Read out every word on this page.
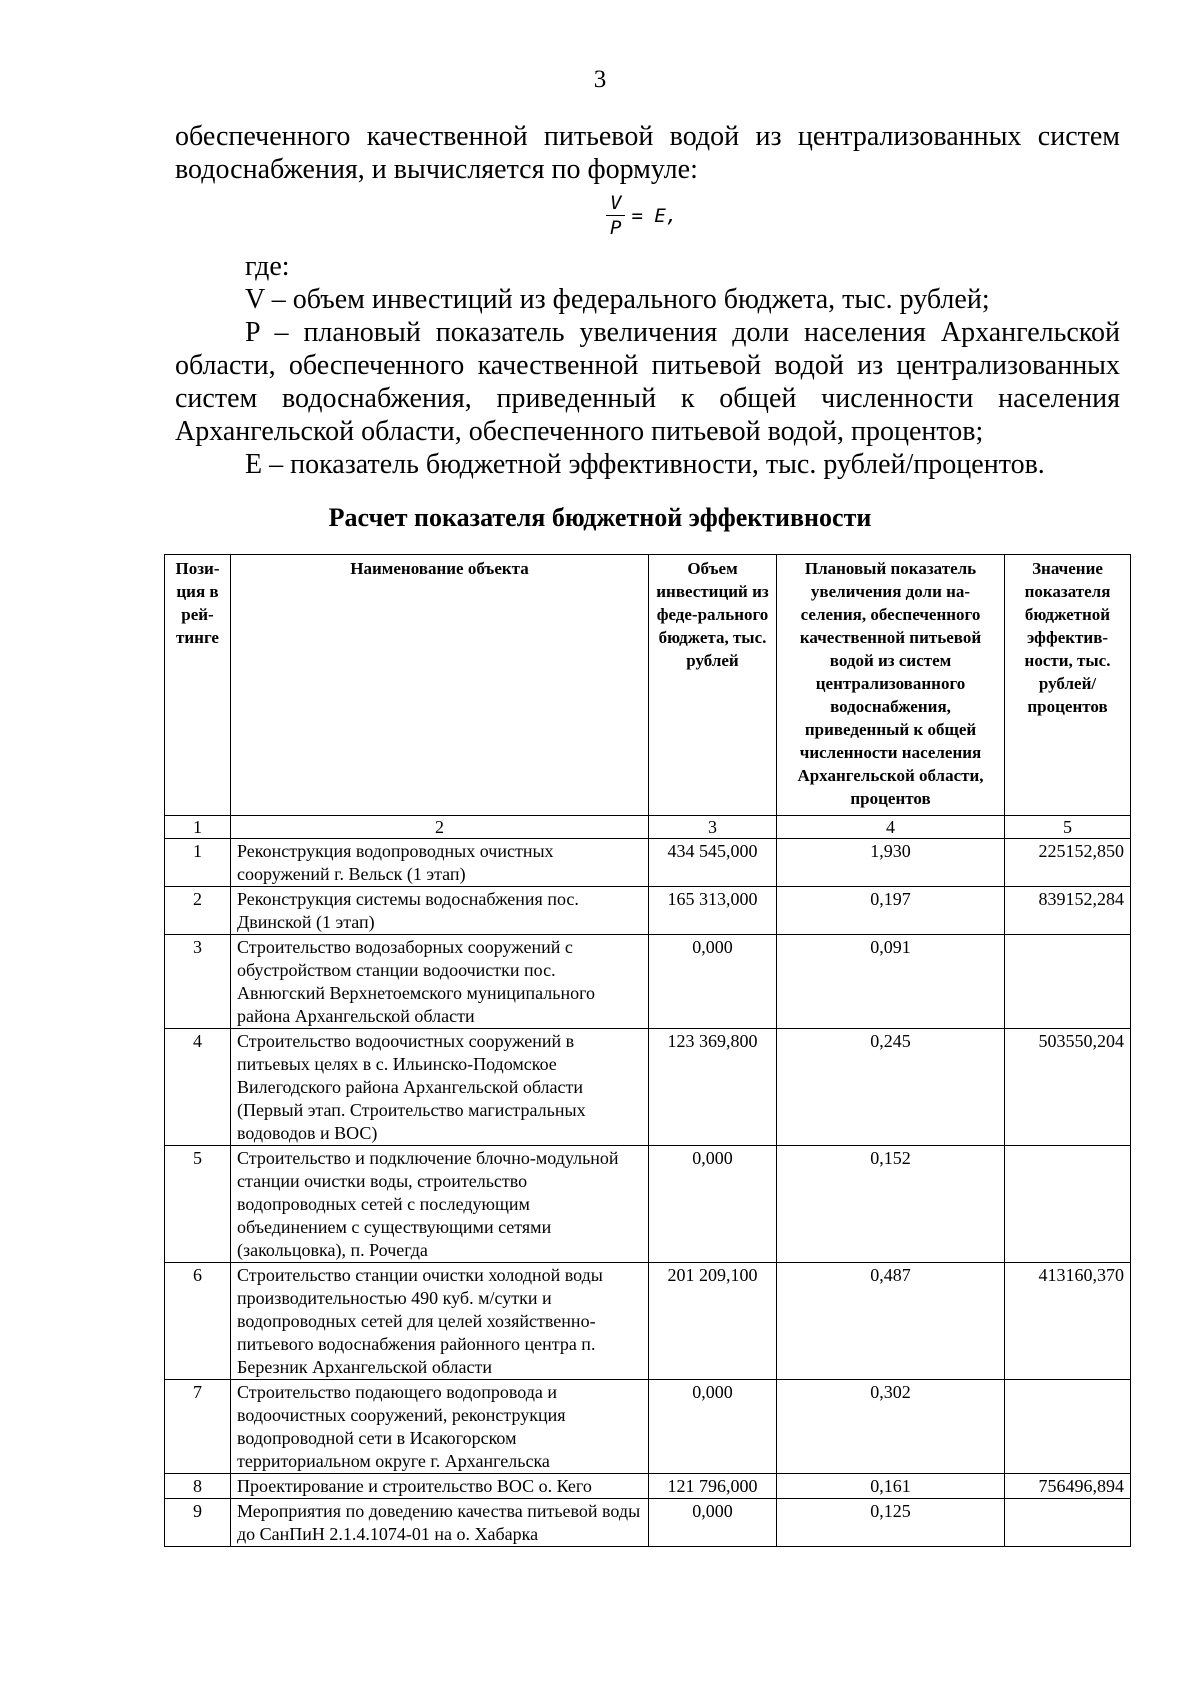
3
обеспеченного качественной питьевой водой из централизованных систем
водоснабжения, и вычисляется по формуле:
$\frac{V}{P} = E$,
где:
V – объем инвестиций из федерального бюджета, тыс. рублей;
P – плановый показатель увеличения доли населения Архангельской области, обеспеченного качественной питьевой водой из централизованных систем водоснабжения, приведенный к общей численности населения Архангельской области, обеспеченного питьевой водой, процентов;
E – показатель бюджетной эффективности, тыс. рублей/процентов.
Расчет показателя бюджетной эффективности
Пози-ция в рей-тинге	Наименование объекта	Объем инвестиций из феде-рального бюджета, тыс. рублей	Плановый показатель увеличения доли на-селения, обеспеченного качественной питьевой водой из систем централизованного водоснабжения, приведенный к общей численности населения Архангельской области, процентов	Значение показателя бюджетной эффектив-ности, тыс. рублей/ процентов
1	2	3	4	5
1	Реконструкция водопроводных очистных сооружений г. Вельск (1 этап)	434 545,000	1,930	225152,850
2	Реконструкция системы водоснабжения пос. Двинской (1 этап)	165 313,000	0,197	839152,284
3	Строительство водозаборных сооружений с обустройством станции водоочистки пос. Авнюгский Верхнетоемского муниципального района Архангельской области	0,000	0,091	
4	Строительство водоочистных сооружений в питьевых целях в с. Ильинско-Подомское Вилегодского района Архангельской области (Первый этап. Строительство магистральных водоводов и ВОС)	123 369,800	0,245	503550,204
5	Строительство и подключение блочно-модульной станции очистки воды, строительство водопроводных сетей с последующим объединением с существующими сетями (закольцовка), п. Рочегда	0,000	0,152	
6	Строительство станции очистки холодной воды производительностью 490 куб. м/сутки и водопроводных сетей для целей хозяйственно-питьевого водоснабжения районного центра п. Березник Архангельской области	201 209,100	0,487	413160,370
7	Строительство подающего водопровода и водоочистных сооружений, реконструкция водопроводной сети в Исакогорском территориальном округе г. Архангельска	0,000	0,302	
8	Проектирование и строительство ВОС о. Кего	121 796,000	0,161	756496,894
9	Мероприятия по доведению качества питьевой воды до СанПиН 2.1.4.1074-01 на о. Хабарка	0,000	0,125	
